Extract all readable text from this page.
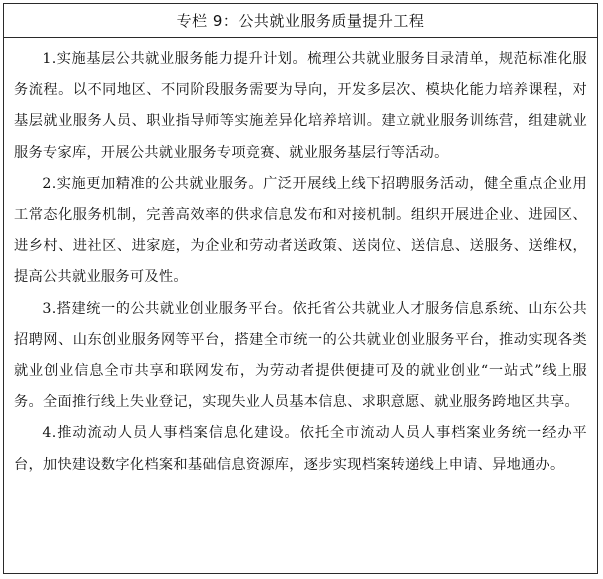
专栏 9：公共就业服务质量提升工程

1.实施基层公共就业服务能力提升计划。梳理公共就业服务目录清单，规范标准化服务流程。以不同地区、不同阶段服务需要为导向，开发多层次、模块化能力培养课程，对基层就业服务人员、职业指导师等实施差异化培养培训。建立就业服务训练营，组建就业服务专家库，开展公共就业服务专项竞赛、就业服务基层行等活动。

2.实施更加精准的公共就业服务。广泛开展线上线下招聘服务活动，健全重点企业用工常态化服务机制，完善高效率的供求信息发布和对接机制。组织开展进企业、进园区、进乡村、进社区、进家庭，为企业和劳动者送政策、送岗位、送信息、送服务、送维权，提高公共就业服务可及性。

3.搭建统一的公共就业创业服务平台。依托省公共就业人才服务信息系统、山东公共招聘网、山东创业服务网等平台，搭建全市统一的公共就业创业服务平台，推动实现各类就业创业信息全市共享和联网发布，为劳动者提供便捷可及的就业创业“一站式”线上服务。全面推行线上失业登记，实现失业人员基本信息、求职意愿、就业服务跨地区共享。

4.推动流动人员人事档案信息化建设。依托全市流动人员人事档案业务统一经办平台，加快建设数字化档案和基础信息资源库，逐步实现档案转递线上申请、异地通办。
